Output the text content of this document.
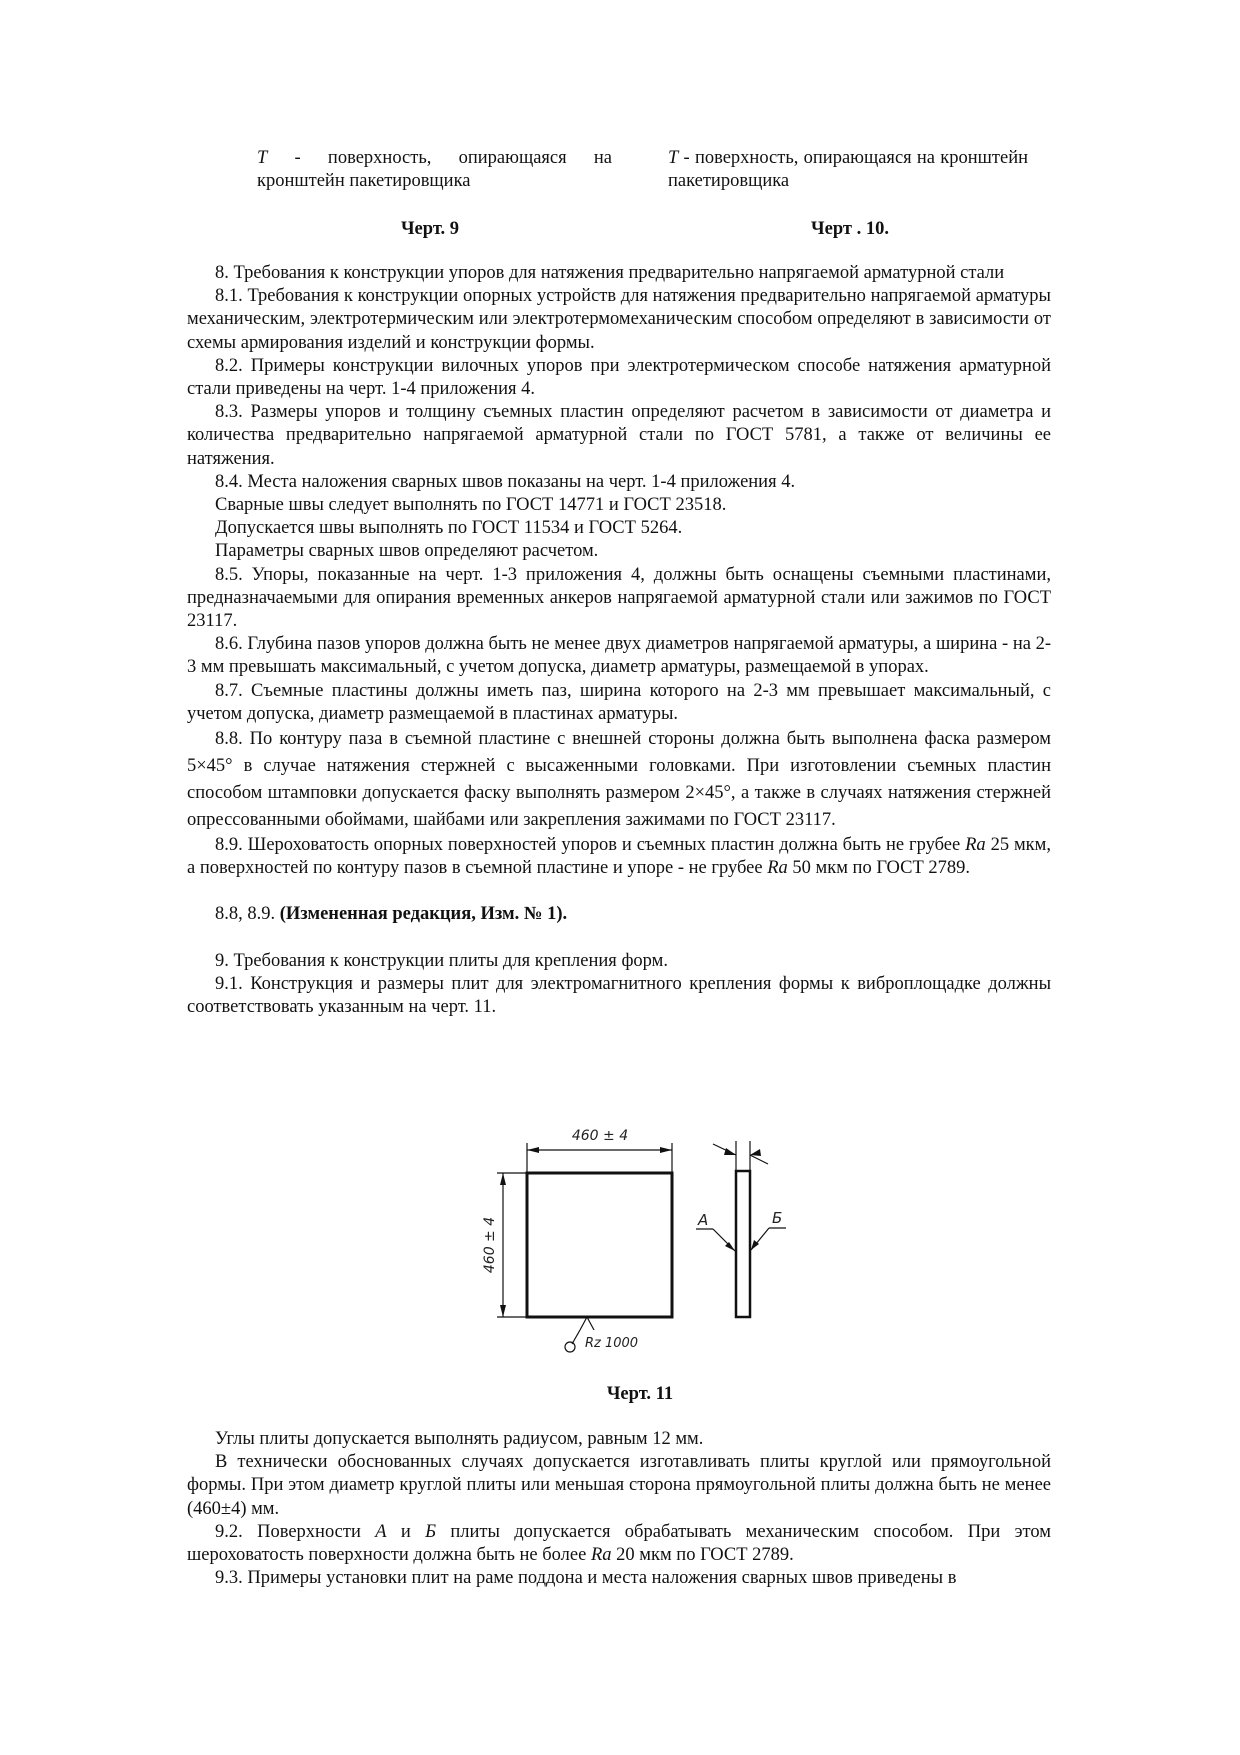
Т - поверхность, опирающаяся на кронштейн пакетировщика
Т - поверхность, опирающаяся на кронштейн пакетировщика
Черт. 9	Черт . 10.

8. Требования к конструкции упоров для натяжения предварительно напрягаемой арматурной стали

8.1. Требования к конструкции опорных устройств для натяжения предварительно напрягаемой арматуры механическим, электротермическим или электротермомеханическим способом определяют в зависимости от схемы армирования изделий и конструкции формы.

8.2. Примеры конструкции вилочных упоров при электротермическом способе натяжения арматурной стали приведены на черт. 1-4 приложения 4.

8.3. Размеры упоров и толщину съемных пластин определяют расчетом в зависимости от диаметра и количества предварительно напрягаемой арматурной стали по ГОСТ 5781, а также от величины ее натяжения.

8.4. Места наложения сварных швов показаны на черт. 1-4 приложения 4.

Сварные швы следует выполнять по ГОСТ 14771 и ГОСТ 23518.

Допускается швы выполнять по ГОСТ 11534 и ГОСТ 5264.

Параметры сварных швов определяют расчетом.

8.5. Упоры, показанные на черт. 1-3 приложения 4, должны быть оснащены съемными пластинами, предназначаемыми для опирания временных анкеров напрягаемой арматурной стали или зажимов по ГОСТ 23117.

8.6. Глубина пазов упоров должна быть не менее двух диаметров напрягаемой арматуры, а ширина - на 2-3 мм превышать максимальный, с учетом допуска, диаметр арматуры, размещаемой в упорах.

8.7. Съемные пластины должны иметь паз, ширина которого на 2-3 мм превышает максимальный, с учетом допуска, диаметр размещаемой в пластинах арматуры.

8.8. По контуру паза в съемной пластине с внешней стороны должна быть выполнена фаска размером 5×45° в случае натяжения стержней с высаженными головками. При изготовлении съемных пластин способом штамповки допускается фаску выполнять размером 2×45°, а также в случаях натяжения стержней опрессованными обоймами, шайбами или закрепления зажимами по ГОСТ 23117.

8.9. Шероховатость опорных поверхностей упоров и съемных пластин должна быть не грубее Ra 25 мкм, а поверхностей по контуру пазов в съемной пластине и упоре - не грубее Ra 50 мкм по ГОСТ 2789.

8.8, 8.9. (Измененная редакция, Изм. № 1).

9. Требования к конструкции плиты для крепления форм.

9.1. Конструкция и размеры плит для электромагнитного крепления формы к виброплощадке должны соответствовать указанным на черт. 11.

460 ± 4
460 ± 4
Rz 1000
А	Б
Черт. 11

Углы плиты допускается выполнять радиусом, равным 12 мм.

В технически обоснованных случаях допускается изготавливать плиты круглой или прямоугольной формы. При этом диаметр круглой плиты или меньшая сторона прямоугольной плиты должна быть не менее (460±4) мм.

9.2. Поверхности А и Б плиты допускается обрабатывать механическим способом. При этом шероховатость поверхности должна быть не более Ra 20 мкм по ГОСТ 2789.

9.3. Примеры установки плит на раме поддона и места наложения сварных швов приведены в
